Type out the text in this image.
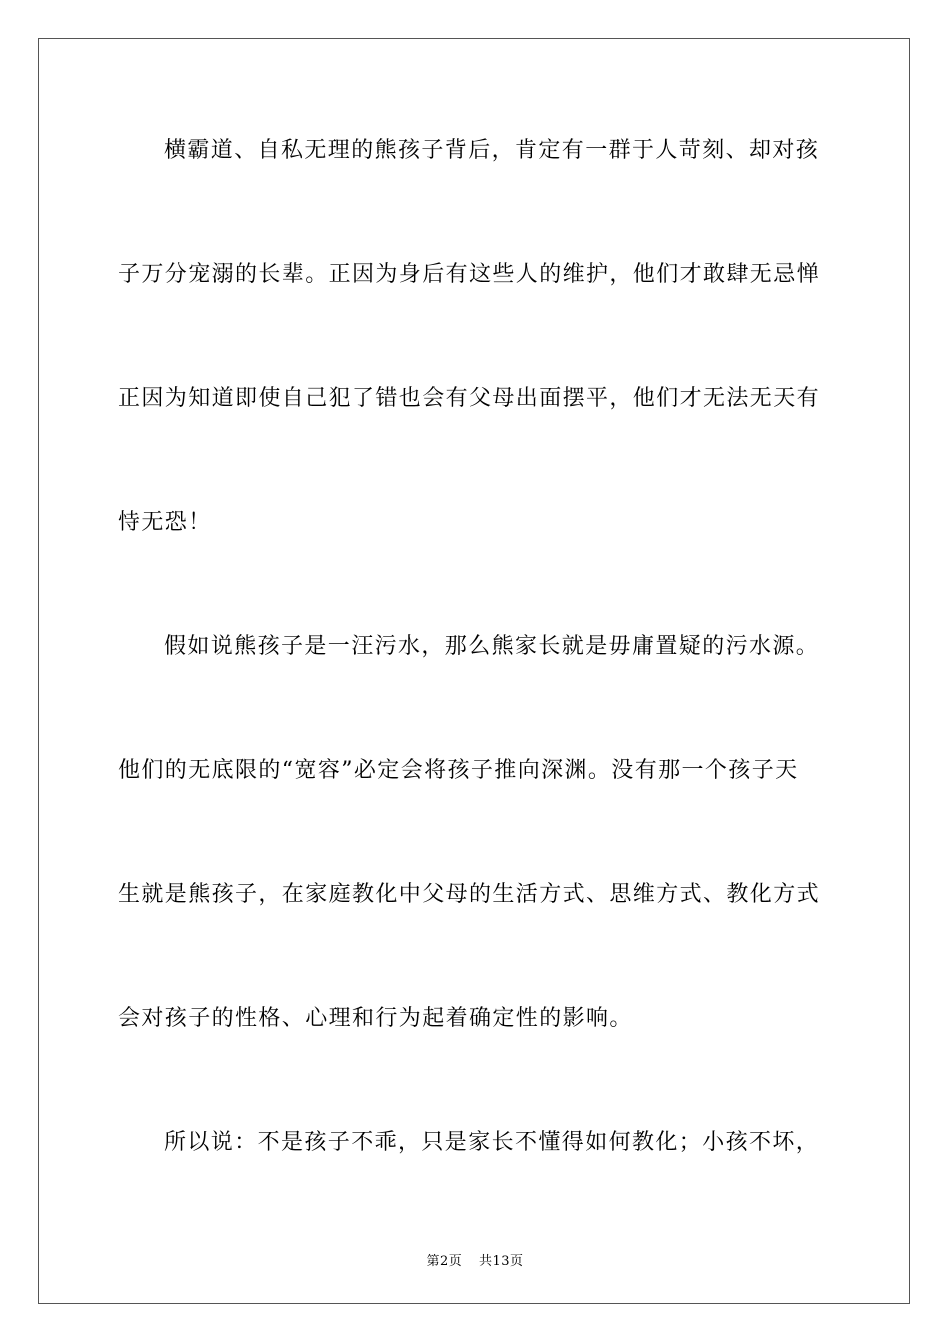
横霸道、自私无理的熊孩子背后，肯定有一群于人苛刻、却对孩
子万分宠溺的长辈。正因为身后有这些人的维护，他们才敢肆无忌惮
正因为知道即使自己犯了错也会有父母出面摆平，他们才无法无天有
恃无恐！
假如说熊孩子是一汪污水，那么熊家长就是毋庸置疑的污水源。
他们的无底限的“宽容”必定会将孩子推向深渊。没有那一个孩子天
生就是熊孩子，在家庭教化中父母的生活方式、思维方式、教化方式
会对孩子的性格、心理和行为起着确定性的影响。
所以说：不是孩子不乖，只是家长不懂得如何教化；小孩不坏，
第2页 共13页
